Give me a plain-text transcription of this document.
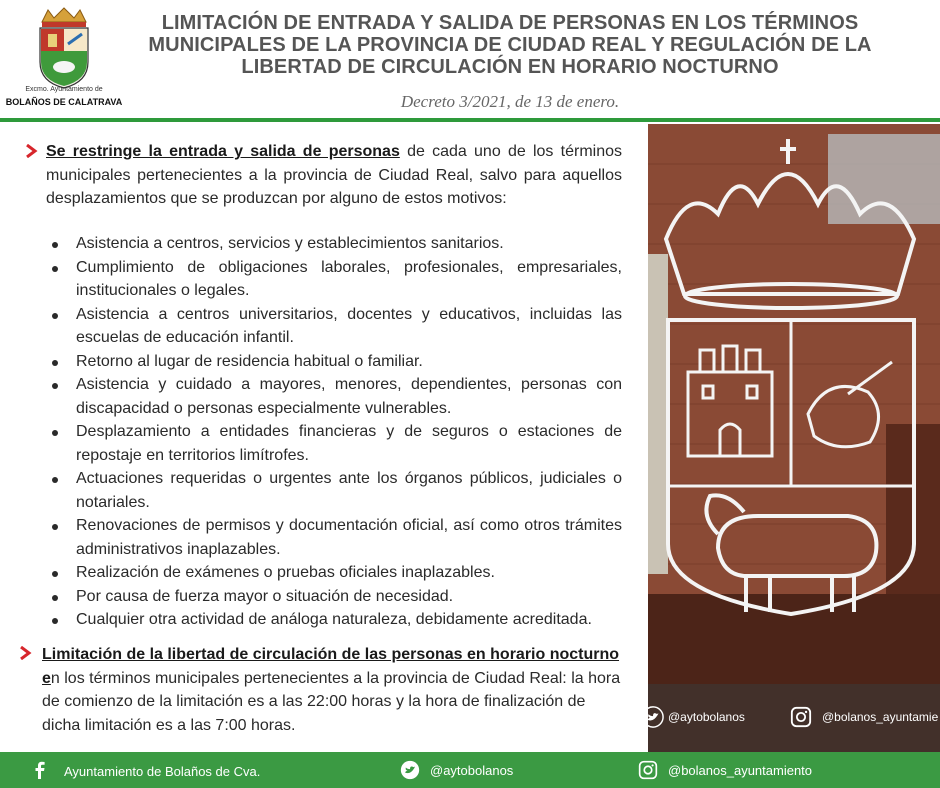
Excmo. Ayuntamiento de
BOLAÑOS DE CALATRAVA
LIMITACIÓN DE ENTRADA Y SALIDA DE PERSONAS EN LOS TÉRMINOS
MUNICIPALES DE LA PROVINCIA DE CIUDAD REAL Y REGULACIÓN DE LA
LIBERTAD DE CIRCULACIÓN EN HORARIO NOCTURNO
Decreto 3/2021, de 13 de enero.
Se restringe la entrada y salida de personas de cada uno de los términos municipales pertenecientes a la provincia de Ciudad Real, salvo para aquellos desplazamientos que se produzcan por alguno de estos motivos:
Asistencia a centros, servicios y establecimientos sanitarios.
Cumplimiento de obligaciones laborales, profesionales, empresariales, institucionales o legales.
Asistencia a centros universitarios, docentes y educativos, incluidas las escuelas de educación infantil.
Retorno al lugar de residencia habitual o familiar.
Asistencia y cuidado a mayores, menores, dependientes, personas con discapacidad o personas especialmente vulnerables.
Desplazamiento a entidades financieras y de seguros o estaciones de repostaje en territorios limítrofes.
Actuaciones requeridas o urgentes ante los órganos públicos, judiciales o notariales.
Renovaciones de permisos y documentación oficial, así como otros trámites administrativos inaplazables.
Realización de exámenes o pruebas oficiales inaplazables.
Por causa de fuerza mayor o situación de necesidad.
Cualquier otra actividad de análoga naturaleza, debidamente acreditada.
Limitación de la libertad de circulación de las personas en horario nocturno en los términos municipales pertenecientes a la provincia de Ciudad Real: la hora de comienzo de la limitación es a las 22:00 horas y la hora de finalización de dicha limitación es a las 7:00 horas.	@aytobolanos	@bolanos_ayuntamie
Ayuntamiento de Bolaños de Cva.	@aytobolanos	@bolanos_ayuntamiento
